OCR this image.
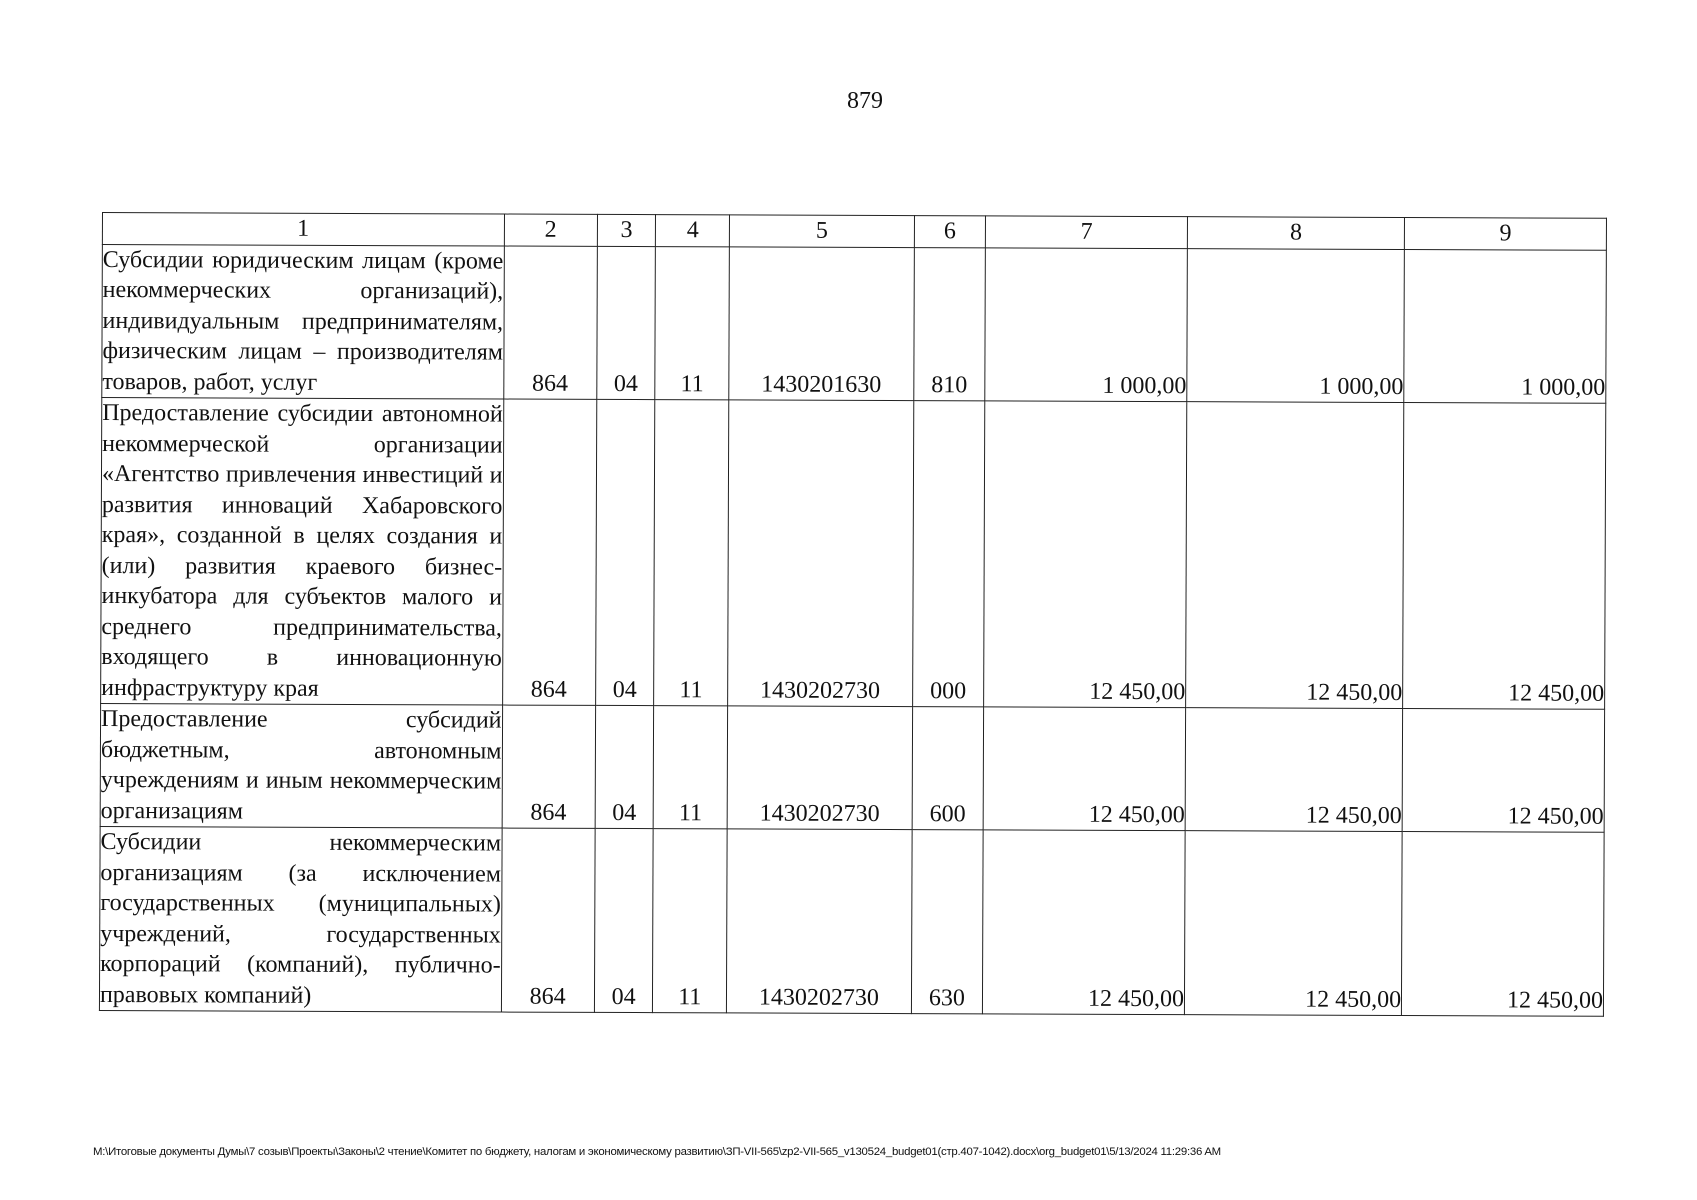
879
1	2	3	4	5	6	7	8	9
Субсидии юридическим лицам (кроме некоммерческих организаций), индивидуальным предпринимателям, физическим лицам – производителям товаров, работ, услуг	864	04	11	1430201630	810	1 000,00	1 000,00	1 000,00
Предоставление субсидии автономной некоммерческой организации «Агентство привлечения инвестиций и развития инноваций Хабаровского края», созданной в целях создания и (или) развития краевого бизнес-инкубатора для субъектов малого и среднего предпринимательства, входящего в инновационную инфраструктуру края	864	04	11	1430202730	000	12 450,00	12 450,00	12 450,00
Предоставление субсидий бюджетным, автономным учреждениям и иным некоммерческим организациям	864	04	11	1430202730	600	12 450,00	12 450,00	12 450,00
Субсидии некоммерческим организациям (за исключением государственных (муниципальных) учреждений, государственных корпораций (компаний), публично-правовых компаний)	864	04	11	1430202730	630	12 450,00	12 450,00	12 450,00
M:\Итоговые документы Думы\7 созыв\Проекты\Законы\2 чтение\Комитет по бюджету, налогам и экономическому развитию\ЗП-VII-565\zp2-VII-565_v130524_budget01(стр.407-1042).docx\org_budget01\5/13/2024 11:29:36 AM
